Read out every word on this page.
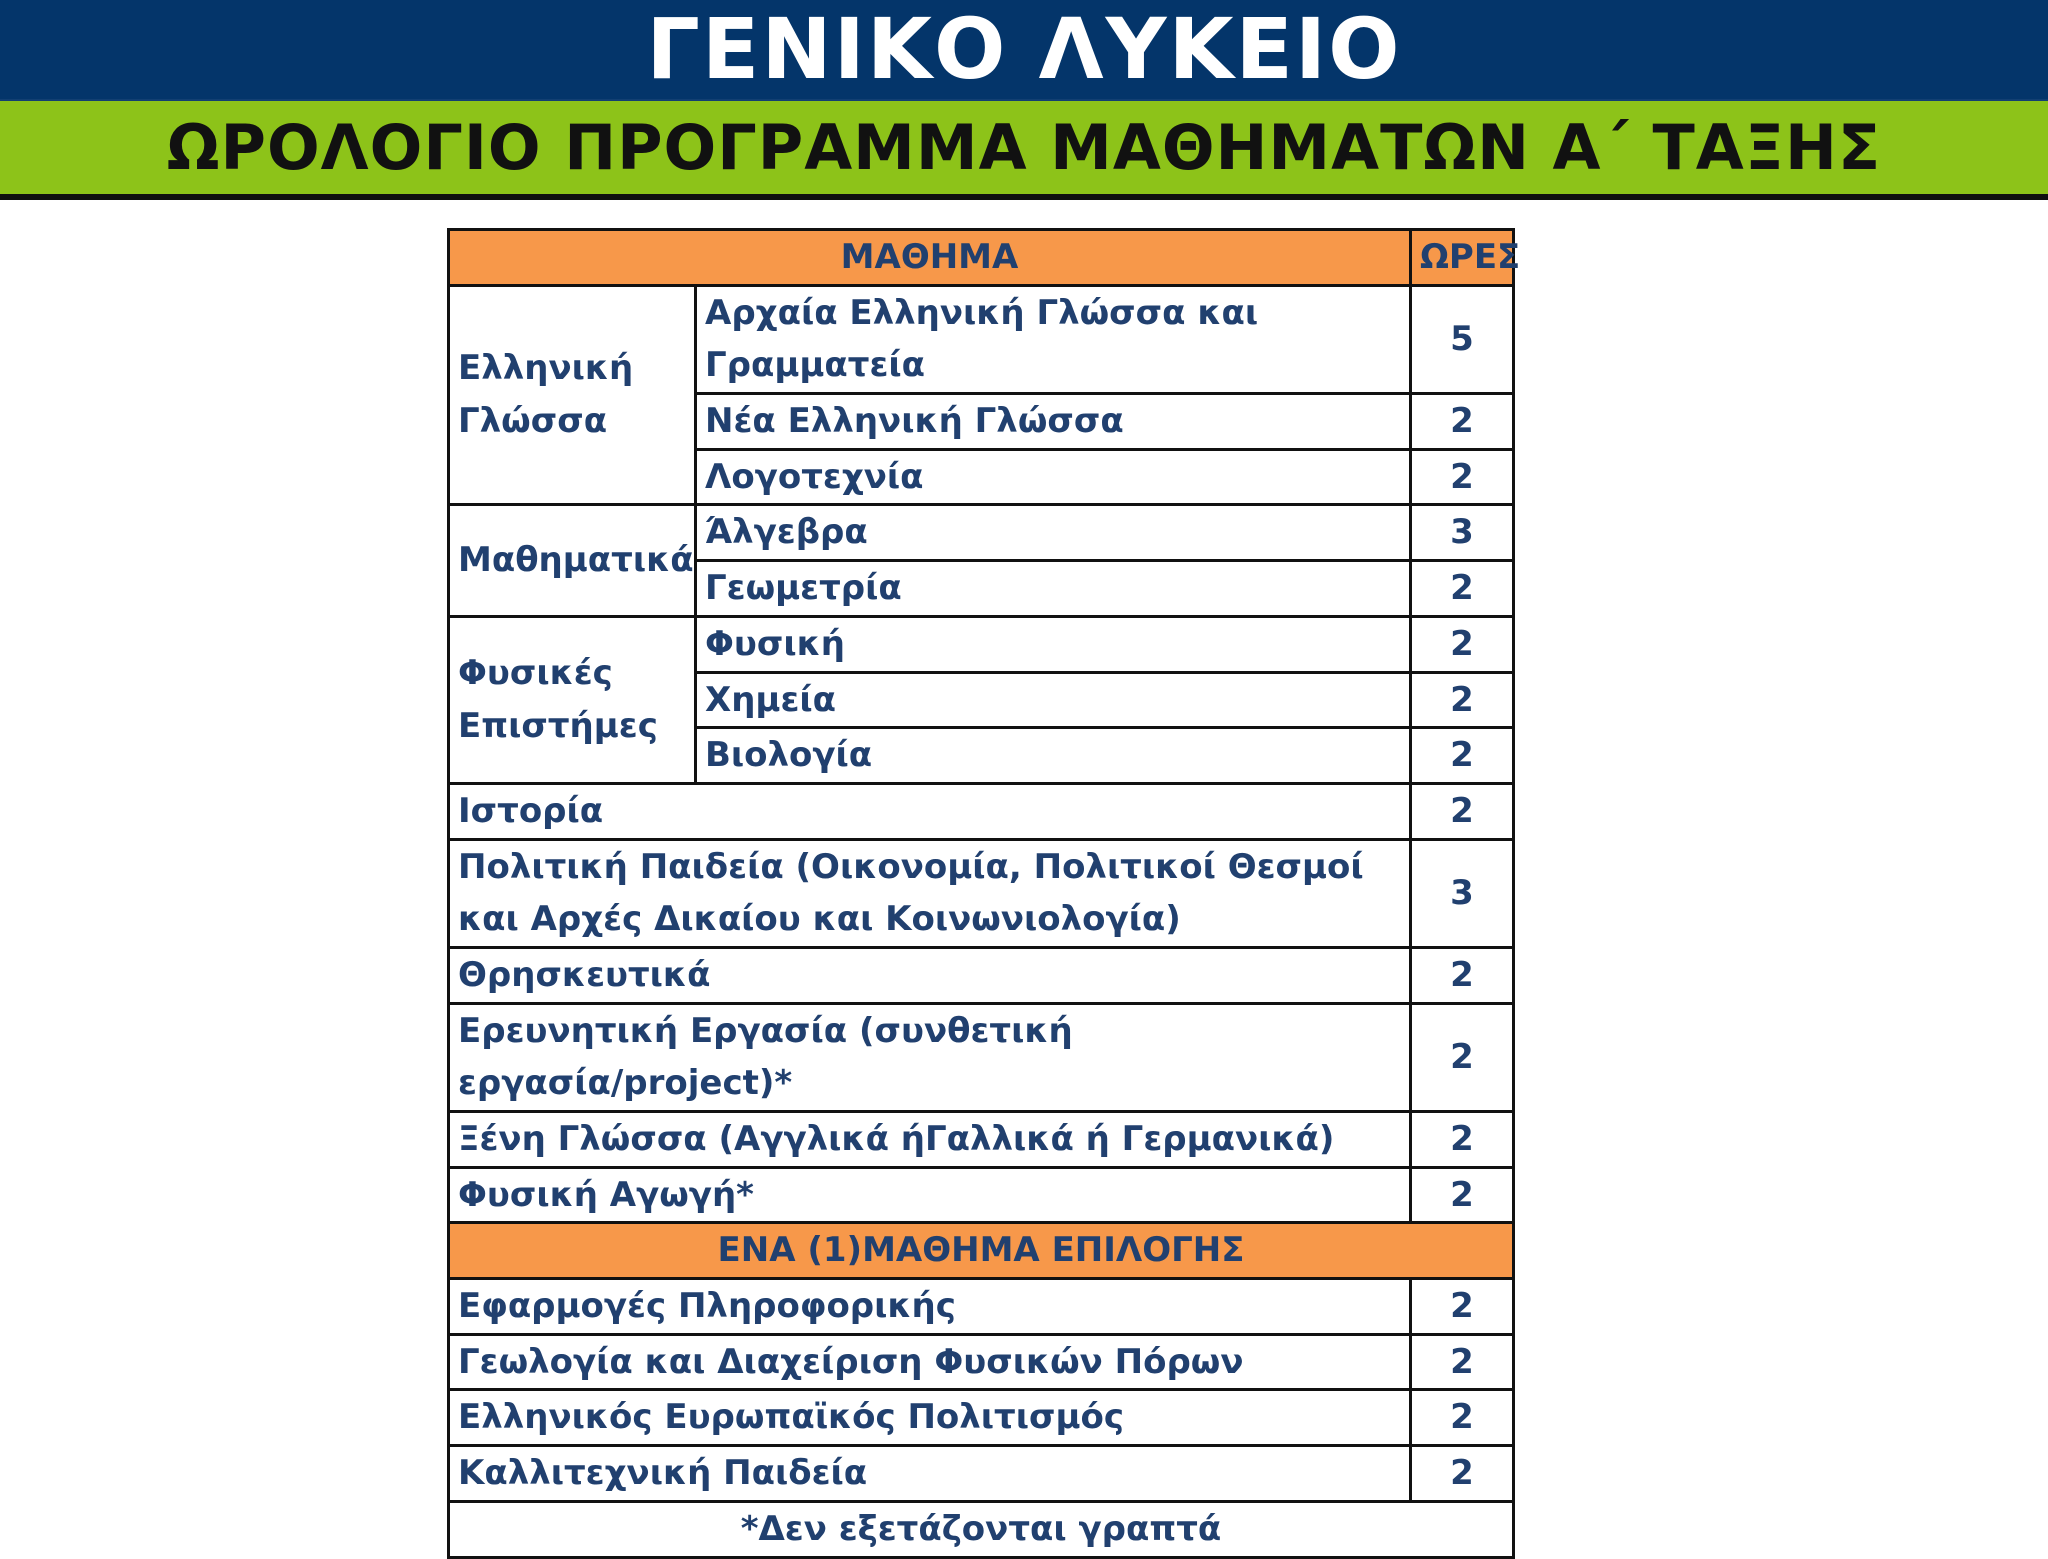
ΓΕΝΙΚΟ ΛΥΚΕΙΟ
ΩΡΟΛΟΓΙΟ ΠΡΟΓΡΑΜΜΑ ΜΑΘΗΜΑΤΩΝ Α΄ ΤΑΞΗΣ
ΜΑΘΗΜΑ		ΩΡΕΣ
Ελληνική Γλώσσα	Αρχαία Ελληνική Γλώσσα και Γραμματεία	5
	Νέα Ελληνική Γλώσσα	2
	Λογοτεχνία	2
Μαθηματικά	Άλγεβρα	3
	Γεωμετρία	2
Φυσικές Επιστήμες	Φυσική	2
	Χημεία	2
	Βιολογία	2
Ιστορία		2
Πολιτική Παιδεία (Οικονομία, Πολιτικοί Θεσμοί και Αρχές Δικαίου και Κοινωνιολογία)		3
Θρησκευτικά		2
Ερευνητική Εργασία (συνθετική εργασία/project)*		2
Ξένη Γλώσσα (Αγγλικά ήΓαλλικά ή Γερμανικά)		2
Φυσική Αγωγή*		2
ΕΝΑ (1)ΜΑΘΗΜΑ ΕΠΙΛΟΓΗΣ		
Εφαρμογές Πληροφορικής		2
Γεωλογία και Διαχείριση Φυσικών Πόρων		2
Ελληνικός Ευρωπαϊκός Πολιτισμός		2
Καλλιτεχνική Παιδεία		2
*Δεν εξετάζονται γραπτά		
